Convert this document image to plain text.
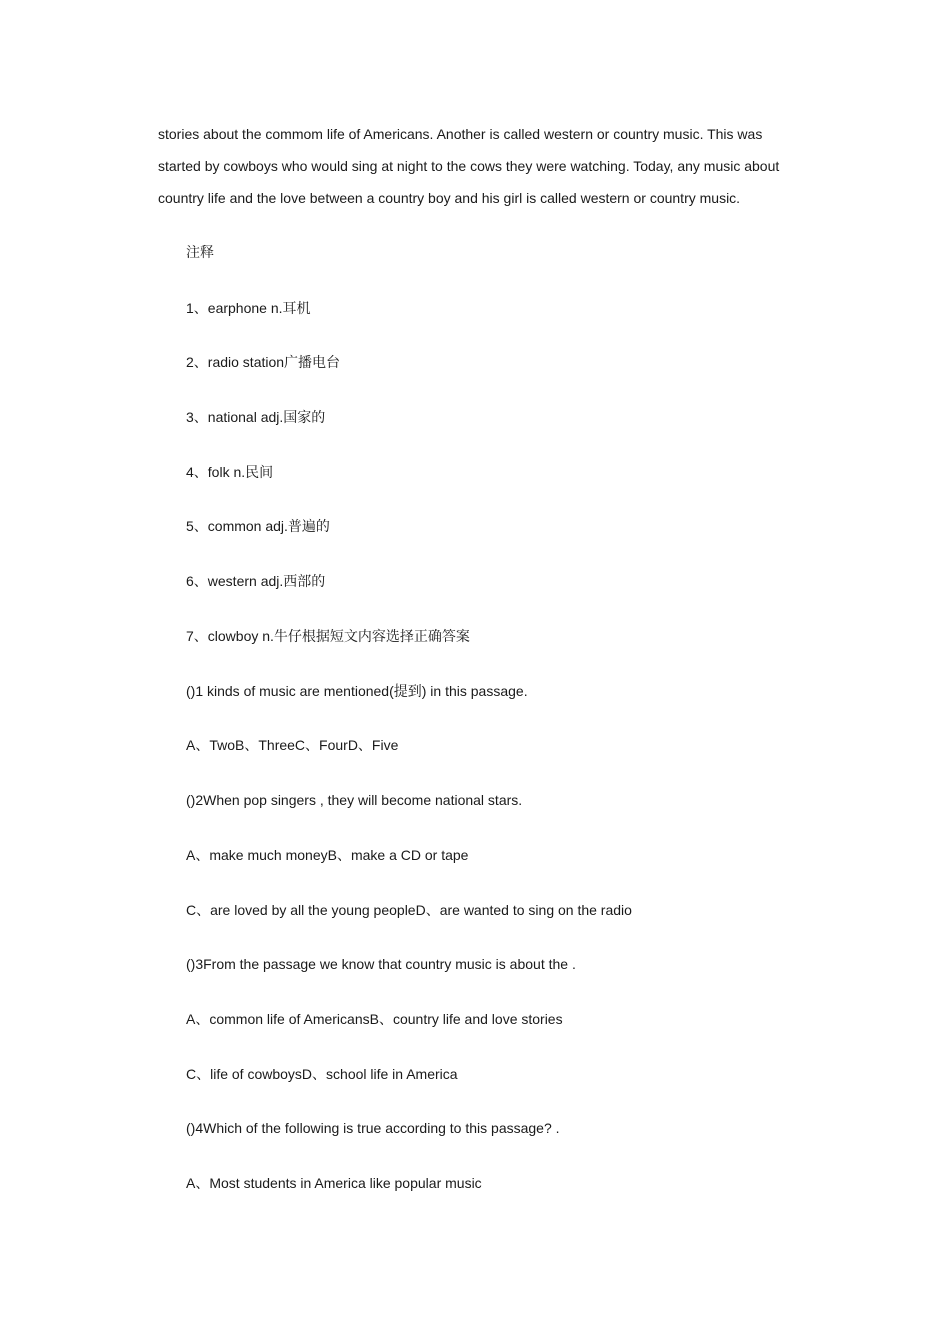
stories about the commom life of Americans. Another is called western or country music. This was
started by cowboys who would sing at night to the cows they were watching. Today, any music about
country life and the love between a country boy and his girl is called western or country music.
注释
1、earphone n.耳机
2、radio station广播电台
3、national adj.国家的
4、folk n.民间
5、common adj.普遍的
6、western adj.西部的
7、clowboy n.牛仔根据短文内容选择正确答案
()1 kinds of music are mentioned(提到) in this passage.
A、TwoB、ThreeC、FourD、Five
()2When pop singers , they will become national stars.
A、make much moneyB、make a CD or tape
C、are loved by all the young peopleD、are wanted to sing on the radio
()3From the passage we know that country music is about the .
A、common life of AmericansB、country life and love stories
C、life of cowboysD、school life in America
()4Which of the following is true according to this passage? .
A、Most students in America like popular music
